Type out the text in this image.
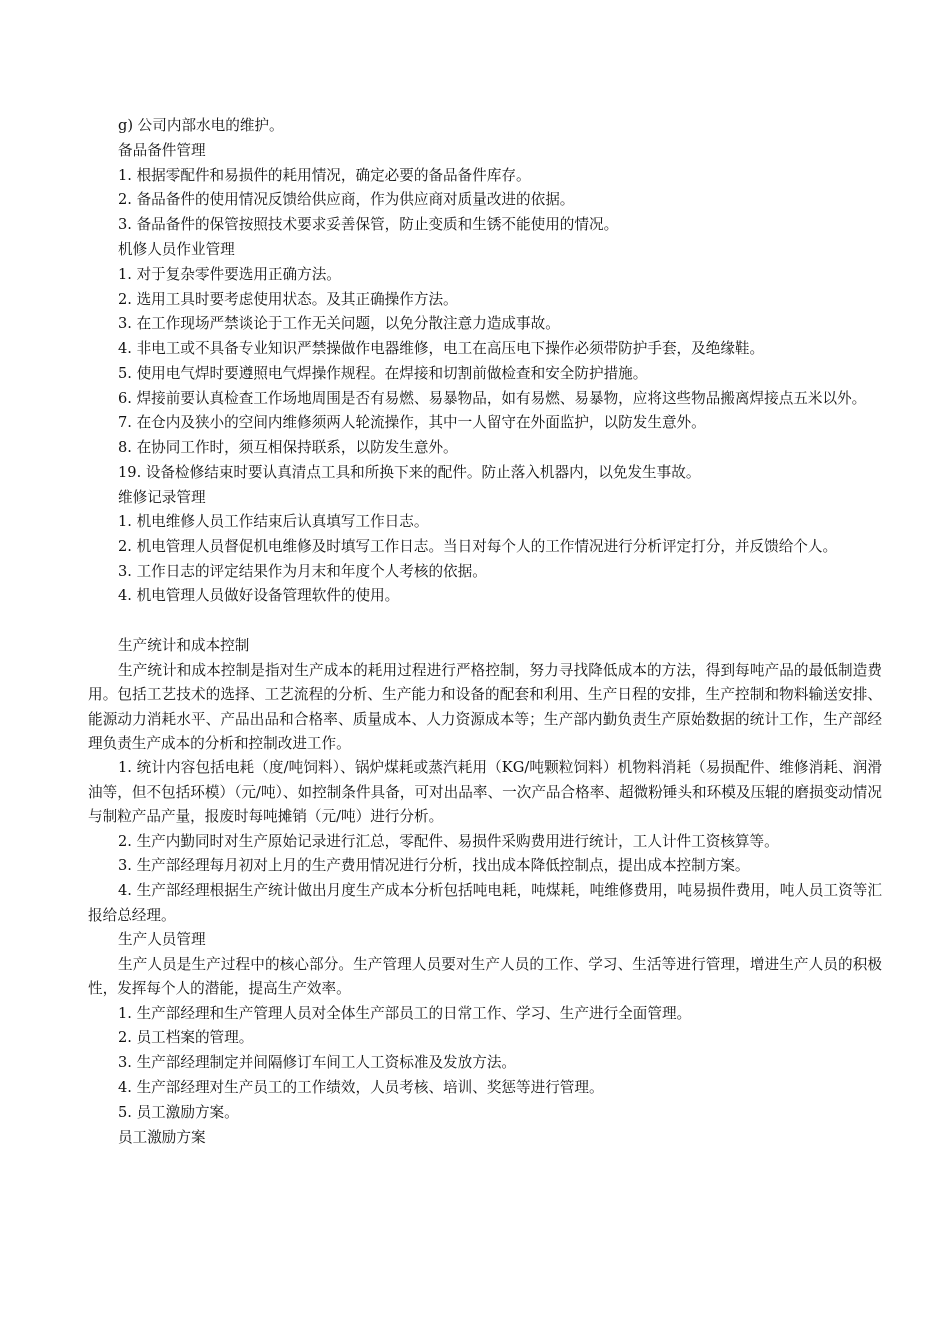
g) 公司内部水电的维护。

备品备件管理

1. 根据零配件和易损件的耗用情况，确定必要的备品备件库存。

2. 备品备件的使用情况反馈给供应商，作为供应商对质量改进的依据。

3. 备品备件的保管按照技术要求妥善保管，防止变质和生锈不能使用的情况。

机修人员作业管理

1. 对于复杂零件要选用正确方法。

2. 选用工具时要考虑使用状态。及其正确操作方法。

3. 在工作现场严禁谈论于工作无关问题，以免分散注意力造成事故。

4. 非电工或不具备专业知识严禁操做作电器维修，电工在高压电下操作必须带防护手套，及绝缘鞋。

5. 使用电气焊时要遵照电气焊操作规程。在焊接和切割前做检查和安全防护措施。

6. 焊接前要认真检查工作场地周围是否有易燃、易暴物品，如有易燃、易暴物，应将这些物品搬离焊接点五米以外。

7. 在仓内及狭小的空间内维修须两人轮流操作，其中一人留守在外面监护，以防发生意外。

8. 在协同工作时，须互相保持联系，以防发生意外。

19. 设备检修结束时要认真清点工具和所换下来的配件。防止落入机器内，以免发生事故。

维修记录管理

1. 机电维修人员工作结束后认真填写工作日志。

2. 机电管理人员督促机电维修及时填写工作日志。当日对每个人的工作情况进行分析评定打分，并反馈给个人。

3. 工作日志的评定结果作为月末和年度个人考核的依据。

4. 机电管理人员做好设备管理软件的使用。

生产统计和成本控制

生产统计和成本控制是指对生产成本的耗用过程进行严格控制，努力寻找降低成本的方法，得到每吨产品的最低制造费用。包括工艺技术的选择、工艺流程的分析、生产能力和设备的配套和利用、生产日程的安排，生产控制和物料输送安排、能源动力消耗水平、产品出品和合格率、质量成本、人力资源成本等；生产部内勤负责生产原始数据的统计工作，生产部经理负责生产成本的分析和控制改进工作。

1. 统计内容包括电耗（度/吨饲料）、锅炉煤耗或蒸汽耗用（KG/吨颗粒饲料）机物料消耗（易损配件、维修消耗、润滑油等，但不包括环模）（元/吨）、如控制条件具备，可对出品率、一次产品合格率、超微粉锤头和环模及压辊的磨损变动情况与制粒产品产量，报废时每吨摊销（元/吨）进行分析。

2. 生产内勤同时对生产原始记录进行汇总，零配件、易损件采购费用进行统计，工人计件工资核算等。

3. 生产部经理每月初对上月的生产费用情况进行分析，找出成本降低控制点，提出成本控制方案。

4. 生产部经理根据生产统计做出月度生产成本分析包括吨电耗，吨煤耗，吨维修费用，吨易损件费用，吨人员工资等汇报给总经理。

生产人员管理

生产人员是生产过程中的核心部分。生产管理人员要对生产人员的工作、学习、生活等进行管理，增进生产人员的积极性，发挥每个人的潜能，提高生产效率。

1. 生产部经理和生产管理人员对全体生产部员工的日常工作、学习、生产进行全面管理。

2. 员工档案的管理。

3. 生产部经理制定并间隔修订车间工人工资标准及发放方法。

4. 生产部经理对生产员工的工作绩效，人员考核、培训、奖惩等进行管理。

5. 员工激励方案。

员工激励方案
